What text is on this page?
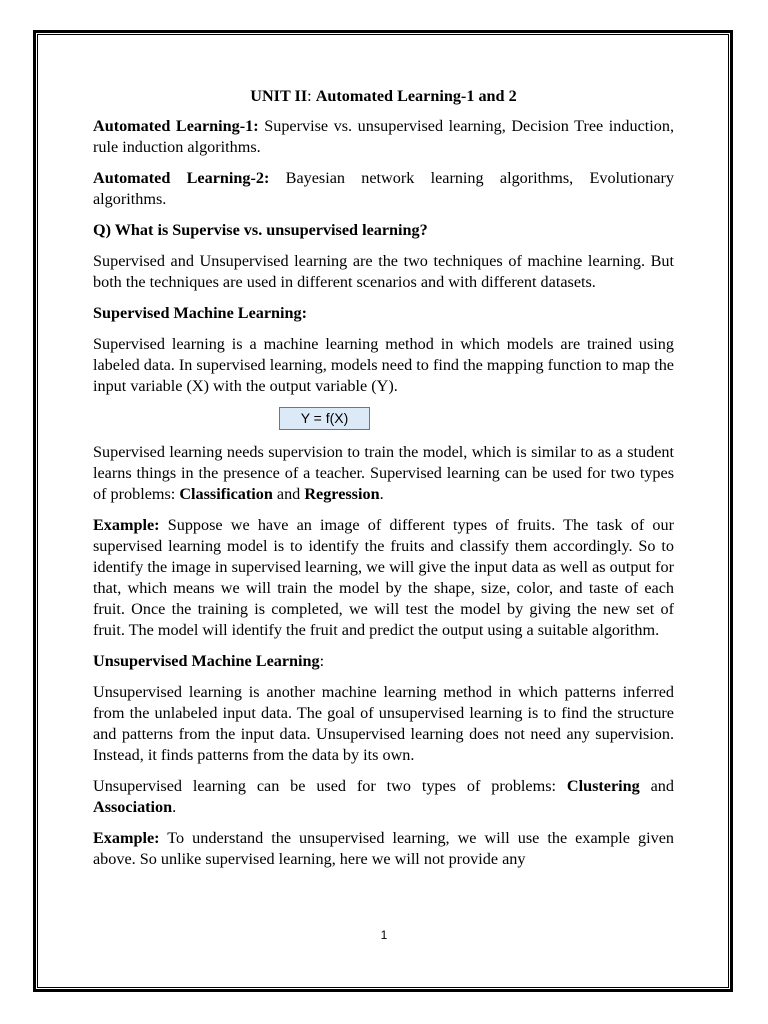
UNIT II: Automated Learning-1 and 2

Automated Learning-1: Supervise vs. unsupervised learning, Decision Tree induction, rule induction algorithms.

Automated Learning-2: Bayesian network learning algorithms, Evolutionary algorithms.

Q) What is Supervise vs. unsupervised learning?

Supervised and Unsupervised learning are the two techniques of machine learning. But both the techniques are used in different scenarios and with different datasets.

Supervised Machine Learning:

Supervised learning is a machine learning method in which models are trained using labeled data. In supervised learning, models need to find the mapping function to map the input variable (X) with the output variable (Y).

Y = f(X)

Supervised learning needs supervision to train the model, which is similar to as a student learns things in the presence of a teacher. Supervised learning can be used for two types of problems: Classification and Regression.

Example: Suppose we have an image of different types of fruits. The task of our supervised learning model is to identify the fruits and classify them accordingly. So to identify the image in supervised learning, we will give the input data as well as output for that, which means we will train the model by the shape, size, color, and taste of each fruit. Once the training is completed, we will test the model by giving the new set of fruit. The model will identify the fruit and predict the output using a suitable algorithm.

Unsupervised Machine Learning:

Unsupervised learning is another machine learning method in which patterns inferred from the unlabeled input data. The goal of unsupervised learning is to find the structure and patterns from the input data. Unsupervised learning does not need any supervision. Instead, it finds patterns from the data by its own.

Unsupervised learning can be used for two types of problems: Clustering and Association.

Example: To understand the unsupervised learning, we will use the example given above. So unlike supervised learning, here we will not provide any

1
